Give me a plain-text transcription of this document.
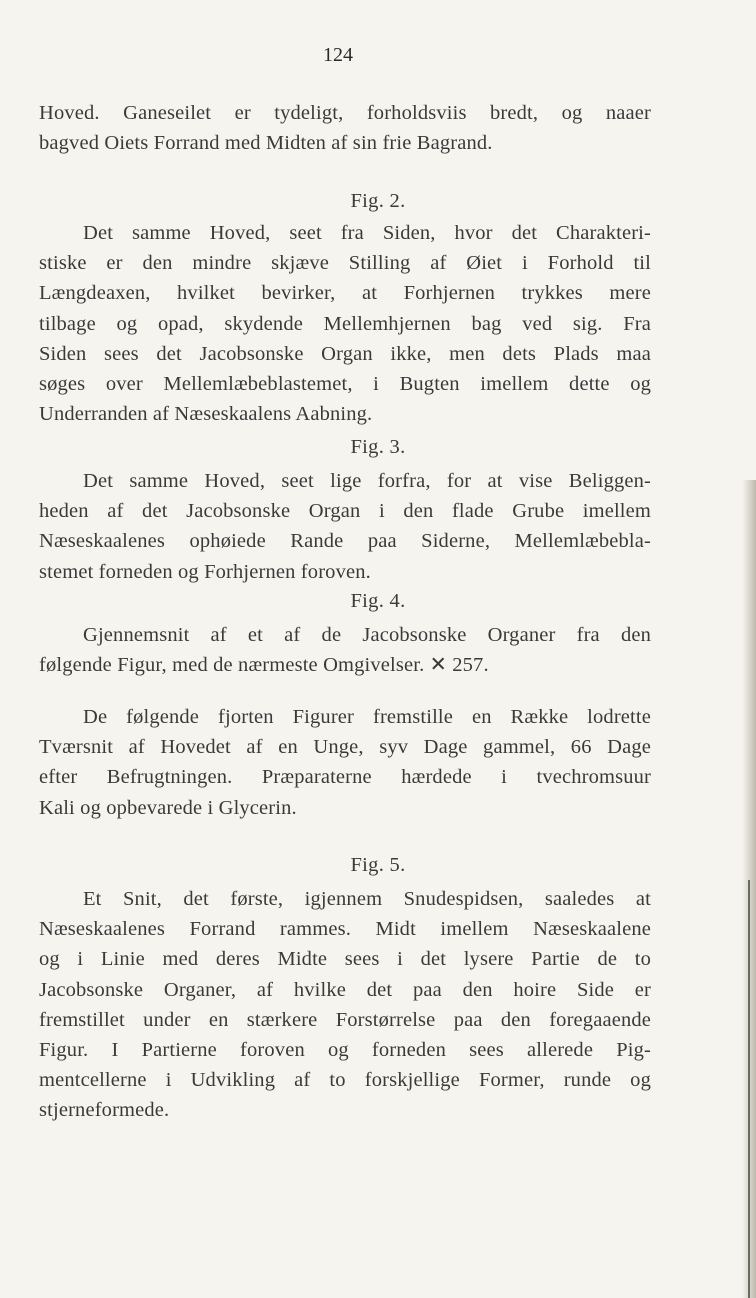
124
Hoved. Ganeseilet er tydeligt, forholdsviis bredt, og naaer
bagved Oiets Forrand med Midten af sin frie Bagrand.
Fig. 2.
Det samme Hoved, seet fra Siden, hvor det Charakteri-
stiske er den mindre skjæve Stilling af Øiet i Forhold til
Længdeaxen, hvilket bevirker, at Forhjernen trykkes mere
tilbage og opad, skydende Mellemhjernen bag ved sig. Fra
Siden sees det Jacobsonske Organ ikke, men dets Plads maa
søges over Mellemlæbeblastemet, i Bugten imellem dette og
Underranden af Næseskaalens Aabning.
Fig. 3.
Det samme Hoved, seet lige forfra, for at vise Beliggen-
heden af det Jacobsonske Organ i den flade Grube imellem
Næseskaalenes ophøiede Rande paa Siderne, Mellemlæbebla-
stemet forneden og Forhjernen foroven.
Fig. 4.
Gjennemsnit af et af de Jacobsonske Organer fra den
følgende Figur, med de nærmeste Omgivelser. ✕ 257.
De følgende fjorten Figurer fremstille en Række lodrette
Tværsnit af Hovedet af en Unge, syv Dage gammel, 66 Dage
efter Befrugtningen. Præparaterne hærdede i tvechromsuur
Kali og opbevarede i Glycerin.
Fig. 5.
Et Snit, det første, igjennem Snudespidsen, saaledes at
Næseskaalenes Forrand rammes. Midt imellem Næseskaalene
og i Linie med deres Midte sees i det lysere Partie de to
Jacobsonske Organer, af hvilke det paa den hoire Side er
fremstillet under en stærkere Forstørrelse paa den foregaaende
Figur. I Partierne foroven og forneden sees allerede Pig-
mentcellerne i Udvikling af to forskjellige Former, runde og
stjerneformede.
